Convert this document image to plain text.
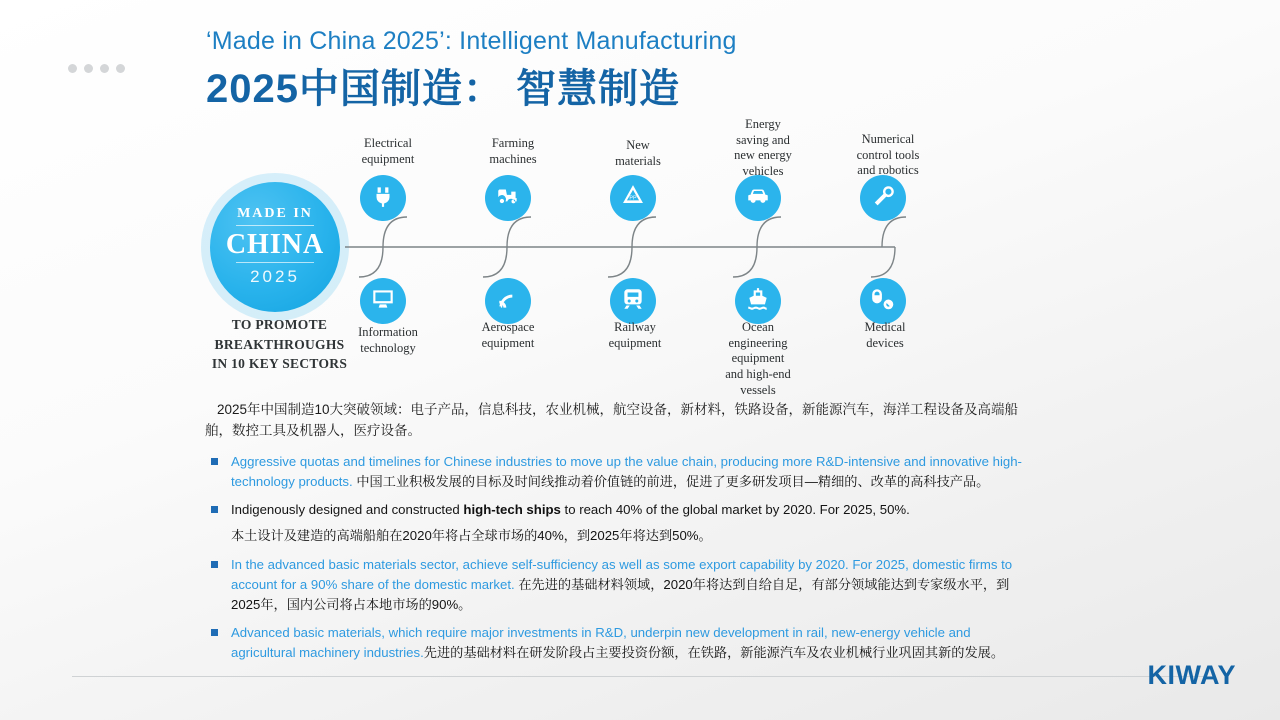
‘Made in China 2025’: Intelligent Manufacturing
2025中国制造： 智慧制造
MADE IN
CHINA
2025
TO PROMOTE BREAKTHROUGHS
IN 10 KEY SECTORS
PP
Electrical
equipment
Farming
machines
New
materials
Energy
saving and
new energy
vehicles
Numerical
control tools
and robotics
Information
technology
Aerospace
equipment
Railway
equipment
Ocean
engineering
equipment
and high-end
vessels
Medical
devices
2025年中国制造10大突破领域：电子产品，信息科技，农业机械，航空设备，新材料，铁路设备，新能源汽车，海洋工程设备及高端船舶，数控工具及机器人，医疗设备。
Aggressive quotas and timelines for Chinese industries to move up the value chain, producing more R&D-intensive and innovative high-technology products. 中国工业积极发展的目标及时间线推动着价值链的前进，促进了更多研发项目—精细的、改革的高科技产品。
Indigenously designed and constructed high-tech ships to reach 40% of the global market by 2020. For 2025, 50%.
本土设计及建造的高端船舶在2020年将占全球市场的40%，到2025年将达到50%。
In the advanced basic materials sector, achieve self-sufficiency as well as some export capability by 2020. For 2025, domestic firms to account for a 90% share of the domestic market. 在先进的基础材料领域，2020年将达到自给自足，有部分领域能达到专家级水平，到2025年，国内公司将占本地市场的90%。
Advanced basic materials, which require major investments in R&D, underpin new development in rail, new-energy vehicle and agricultural machinery industries.先进的基础材料在研发阶段占主要投资份额，在铁路，新能源汽车及农业机械行业巩固其新的发展。
KIWAY
